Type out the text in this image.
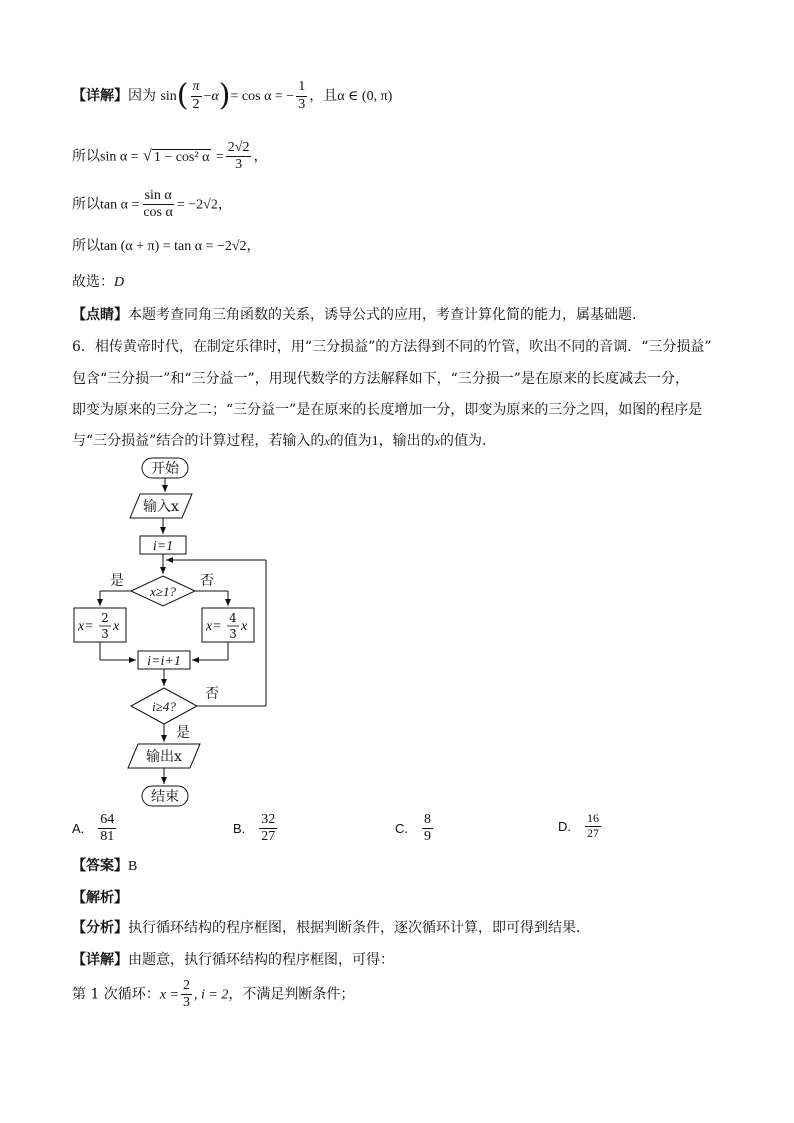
【详解】因为 $\sin( \frac{\pi}{2} -\alpha)= \cos \alpha$ = − $\frac{1}{3}$ ，且α ∈ (0, π)
所以sin α = √ 1 − cos² $\alpha = \frac{2√2}{3}$ ，
所以$\tan \alpha = \frac{\text{sin α}}{\text{cos α}} = -2√2$，
所以tan (α + π) = tan α = −2√2，
故选：D
【点睛】本题考查同角三角函数的关系，诱导公式的应用，考查计算化简的能力，属基础题.
6．相传黄帝时代，在制定乐律时，用“三分损益”的方法得到不同的竹管，吹出不同的音调．“三分损益”
包含“三分损一”和“三分益一”，用现代数学的方法解释如下，“三分损一”是在原来的长度减去一分，
即变为原来的三分之二；“三分益一”是在原来的长度增加一分，即变为原来的三分之四，如图的程序是
与“三分损益”结合的计算过程，若输入的x的值为1，输出的x的值为.
开始
输入x
i=1
x≥1?
是	否
x=
2
3 x	x=
4
3 x
i=i+1
i≥4?
否
是
输出x
结束
A. $\frac{64}{81}$	B. $\frac{32}{27}$	C. $\frac{8}{9}$	D. $\frac{16}{27}$
【答案】B
【解析】
【分析】执行循环结构的程序框图，根据判断条件，逐次循环计算，即可得到结果．
【详解】由题意，执行循环结构的程序框图，可得：
第 1 次循环：$x = \frac{2}{3}$ , i = 2，不满足判断条件；
